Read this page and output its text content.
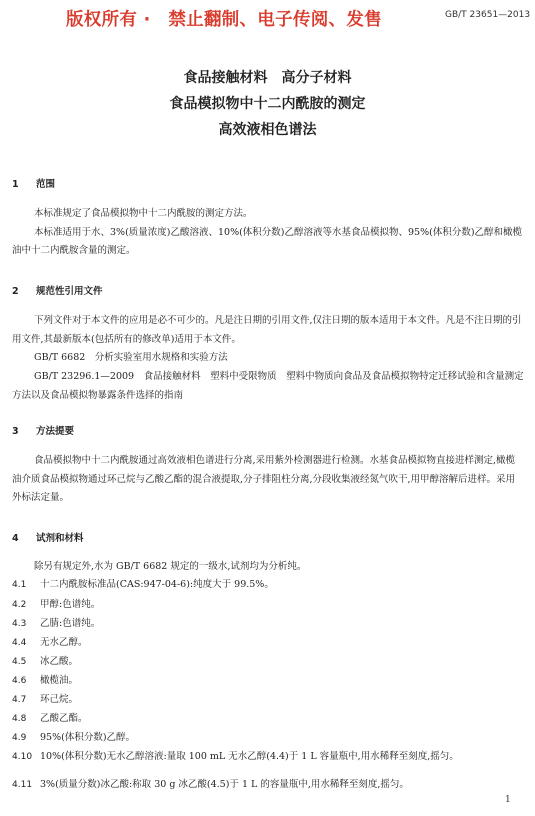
版权所有 ·　禁止翻制、电子传阅、发售	GB/T 23651—2013
食品接触材料　高分子材料
食品模拟物中十二内酰胺的测定
高效液相色谱法
1 范围

本标准规定了食品模拟物中十二内酰胺的测定方法。

本标准适用于水、3%(质量浓度)乙酸溶液、10%(体积分数)乙醇溶液等水基食品模拟物、95%(体积分数)乙醇和橄榄油中十二内酰胺含量的测定。

2 规范性引用文件

下列文件对于本文件的应用是必不可少的。凡是注日期的引用文件,仅注日期的版本适用于本文件。凡是不注日期的引用文件,其最新版本(包括所有的修改单)适用于本文件。

GB/T 6682　分析实验室用水规格和实验方法

GB/T 23296.1—2009　食品接触材料　塑料中受限物质　塑料中物质向食品及食品模拟物特定迁移试验和含量测定方法以及食品模拟物暴露条件选择的指南

3 方法提要

食品模拟物中十二内酰胺通过高效液相色谱进行分离,采用紫外检测器进行检测。水基食品模拟物直接进样测定,橄榄油介质食品模拟物通过环己烷与乙酸乙酯的混合液提取,分子排阻柱分离,分段收集液经氮气吹干,用甲醇溶解后进样。采用外标法定量。

4 试剂和材料

除另有规定外,水为 GB/T 6682 规定的一级水,试剂均为分析纯。

4.1 十二内酰胺标准品(CAS:947-04-6):纯度大于 99.5%。
4.2 甲醇:色谱纯。
4.3 乙腈:色谱纯。
4.4 无水乙醇。
4.5 冰乙酸。
4.6 橄榄油。
4.7 环己烷。
4.8 乙酸乙酯。
4.9 95%(体积分数)乙醇。
4.10 10%(体积分数)无水乙醇溶液:量取 100 mL 无水乙醇(4.4)于 1 L 容量瓶中,用水稀释至刻度,摇匀。
4.11 3%(质量分数)冰乙酸:称取 30 g 冰乙酸(4.5)于 1 L 的容量瓶中,用水稀释至刻度,摇匀。
1
